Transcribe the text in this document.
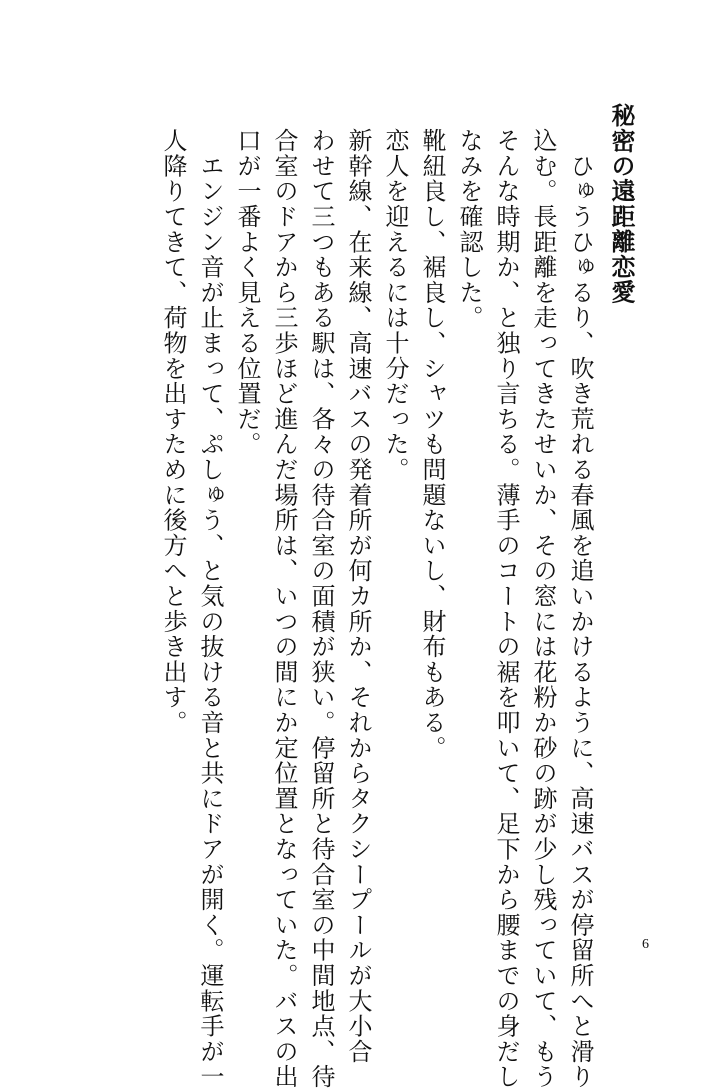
秘密の遠距離恋愛
　ひゅうひゅるり、吹き荒れる春風を追いかけるように、高速バスが停留所へと滑り
込む。長距離を走ってきたせいか、その窓には花粉か砂の跡が少し残っていて、もう
そんな時期か、と独り言ちる。薄手のコートの裾を叩いて、足下から腰までの身だし
なみを確認した。
靴紐良し、裾良し、シャツも問題ないし、財布もある。
恋人を迎えるには十分だった。
新幹線、在来線、高速バスの発着所が何カ所か、それからタクシープールが大小合
わせて三つもある駅は、各々の待合室の面積が狭い。停留所と待合室の中間地点、待
合室のドアから三歩ほど進んだ場所は、いつの間にか定位置となっていた。バスの出
口が一番よく見える位置だ。
　エンジン音が止まって、ぷしゅう、と気の抜ける音と共にドアが開く。運転手が一
人降りてきて、荷物を出すために後方へと歩き出す。
6
